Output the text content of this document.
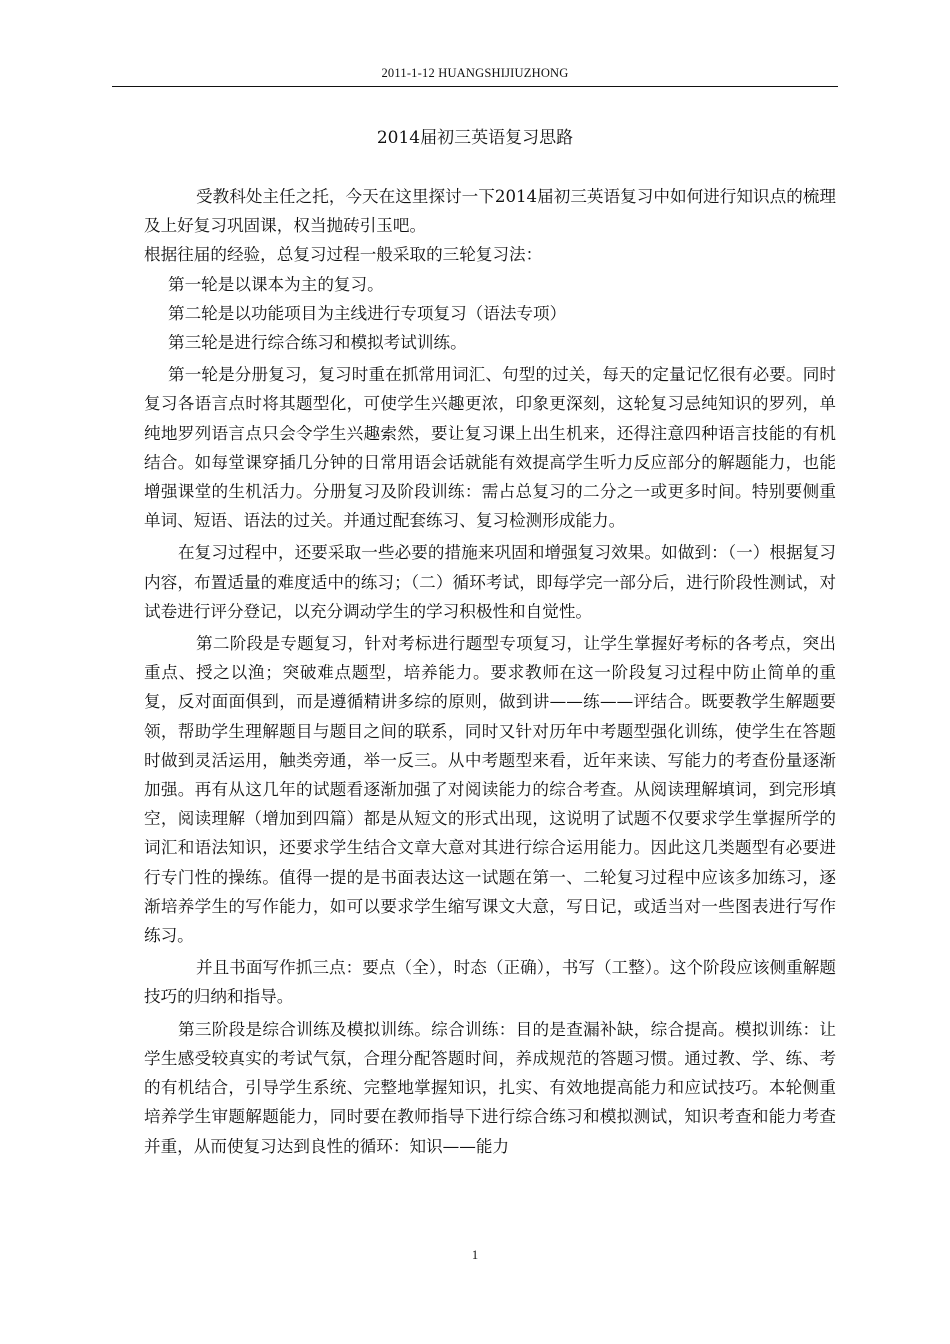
2011-1-12 HUANGSHIJIUZHONG
2014届初三英语复习思路

受教科处主任之托，今天在这里探讨一下2014届初三英语复习中如何进行知识点的梳理及上好复习巩固课，权当抛砖引玉吧。

根据往届的经验，总复习过程一般采取的三轮复习法：

第一轮是以课本为主的复习。

第二轮是以功能项目为主线进行专项复习（语法专项）

第三轮是进行综合练习和模拟考试训练。

第一轮是分册复习，复习时重在抓常用词汇、句型的过关，每天的定量记忆很有必要。同时复习各语言点时将其题型化，可使学生兴趣更浓，印象更深刻，这轮复习忌纯知识的罗列，单纯地罗列语言点只会令学生兴趣索然，要让复习课上出生机来，还得注意四种语言技能的有机结合。如每堂课穿插几分钟的日常用语会话就能有效提高学生听力反应部分的解题能力，也能增强课堂的生机活力。分册复习及阶段训练：需占总复习的二分之一或更多时间。特别要侧重单词、短语、语法的过关。并通过配套练习、复习检测形成能力。

在复习过程中，还要采取一些必要的措施来巩固和增强复习效果。如做到：（一）根据复习内容，布置适量的难度适中的练习；（二）循环考试，即每学完一部分后，进行阶段性测试，对试卷进行评分登记，以充分调动学生的学习积极性和自觉性。

第二阶段是专题复习，针对考标进行题型专项复习，让学生掌握好考标的各考点，突出重点、授之以渔；突破难点题型，培养能力。要求教师在这一阶段复习过程中防止简单的重复，反对面面俱到，而是遵循精讲多综的原则，做到讲——练——评结合。既要教学生解题要领，帮助学生理解题目与题目之间的联系，同时又针对历年中考题型强化训练，使学生在答题时做到灵活运用，触类旁通，举一反三。从中考题型来看，近年来读、写能力的考查份量逐渐加强。再有从这几年的试题看逐渐加强了对阅读能力的综合考查。从阅读理解填词，到完形填空，阅读理解（增加到四篇）都是从短文的形式出现，这说明了试题不仅要求学生掌握所学的词汇和语法知识，还要求学生结合文章大意对其进行综合运用能力。因此这几类题型有必要进行专门性的操练。值得一提的是书面表达这一试题在第一、二轮复习过程中应该多加练习，逐渐培养学生的写作能力，如可以要求学生缩写课文大意，写日记，或适当对一些图表进行写作练习。

并且书面写作抓三点：要点（全），时态（正确），书写（工整）。这个阶段应该侧重解题技巧的归纳和指导。

第三阶段是综合训练及模拟训练。综合训练：目的是查漏补缺，综合提高。模拟训练：让学生感受较真实的考试气氛，合理分配答题时间，养成规范的答题习惯。通过教、学、练、考的有机结合，引导学生系统、完整地掌握知识，扎实、有效地提高能力和应试技巧。本轮侧重培养学生审题解题能力，同时要在教师指导下进行综合练习和模拟测试，知识考查和能力考查并重，从而使复习达到良性的循环：知识——能力

1
